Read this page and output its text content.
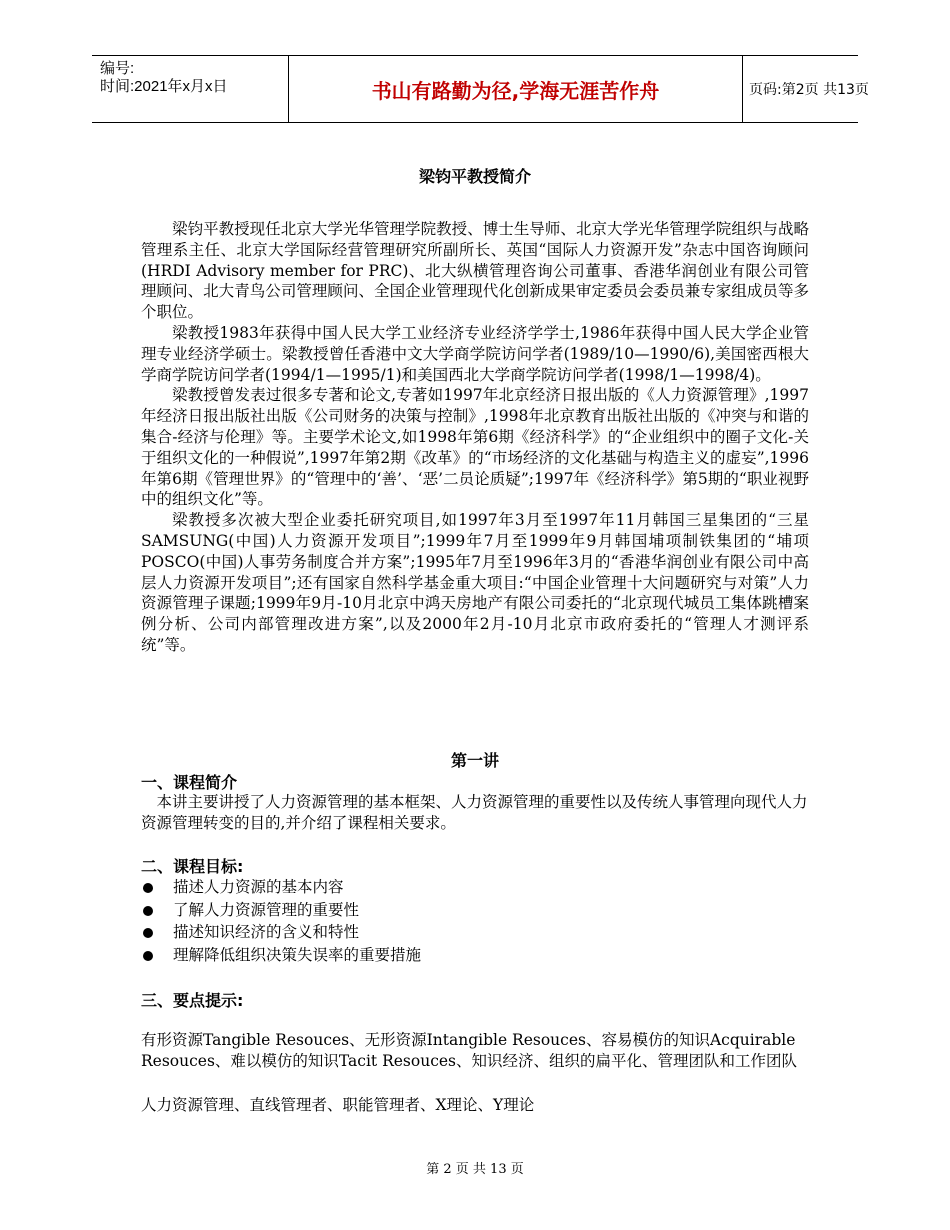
编号:
时间:2021年x月x日	书山有路勤为径,学海无涯苦作舟	页码:第2页 共13页
梁钧平教授简介

梁钧平教授现任北京大学光华管理学院教授、博士生导师、北京大学光华管理学院组织与战略管理系主任、北京大学国际经营管理研究所副所长、英国“国际人力资源开发”杂志中国咨询顾问(HRDI Advisory member for PRC)、北大纵横管理咨询公司董事、香港华润创业有限公司管理顾问、北大青鸟公司管理顾问、全国企业管理现代化创新成果审定委员会委员兼专家组成员等多个职位。

梁教授1983年获得中国人民大学工业经济专业经济学学士,1986年获得中国人民大学企业管理专业经济学硕士。梁教授曾任香港中文大学商学院访问学者(1989/10—1990/6),美国密西根大学商学院访问学者(1994/1—1995/1)和美国西北大学商学院访问学者(1998/1—1998/4)。

梁教授曾发表过很多专著和论文,专著如1997年北京经济日报出版的《人力资源管理》,1997年经济日报出版社出版《公司财务的决策与控制》,1998年北京教育出版社出版的《冲突与和谐的集合-经济与伦理》等。主要学术论文,如1998年第6期《经济科学》的“企业组织中的圈子文化-关于组织文化的一种假说”,1997年第2期《改革》的“市场经济的文化基础与构造主义的虚妄”,1996年第6期《管理世界》的“管理中的‘善’、‘恶’二员论质疑”;1997年《经济科学》第5期的“职业视野中的组织文化”等。

梁教授多次被大型企业委托研究项目,如1997年3月至1997年11月韩国三星集团的“三星SAMSUNG(中国)人力资源开发项目”;1999年7月至1999年9月韩国埔项制铁集团的“埔项POSCO(中国)人事劳务制度合并方案”;1995年7月至1996年3月的“香港华润创业有限公司中高层人力资源开发项目”;还有国家自然科学基金重大项目:“中国企业管理十大问题研究与对策”人力资源管理子课题;1999年9月-10月北京中鸿天房地产有限公司委托的“北京现代城员工集体跳槽案例分析、公司内部管理改进方案”,以及2000年2月-10月北京市政府委托的“管理人才测评系统”等。

第一讲
一、课程简介
本讲主要讲授了人力资源管理的基本框架、人力资源管理的重要性以及传统人事管理向现代人力资源管理转变的目的,并介绍了课程相关要求。
二、课程目标:
描述人力资源的基本内容
了解人力资源管理的重要性
描述知识经济的含义和特性
理解降低组织决策失误率的重要措施
三、要点提示:
有形资源Tangible Resouces、无形资源Intangible Resouces、容易模仿的知识Acquirable Resouces、难以模仿的知识Tacit Resouces、知识经济、组织的扁平化、管理团队和工作团队
人力资源管理、直线管理者、职能管理者、X理论、Y理论
第 2 页 共 13 页
